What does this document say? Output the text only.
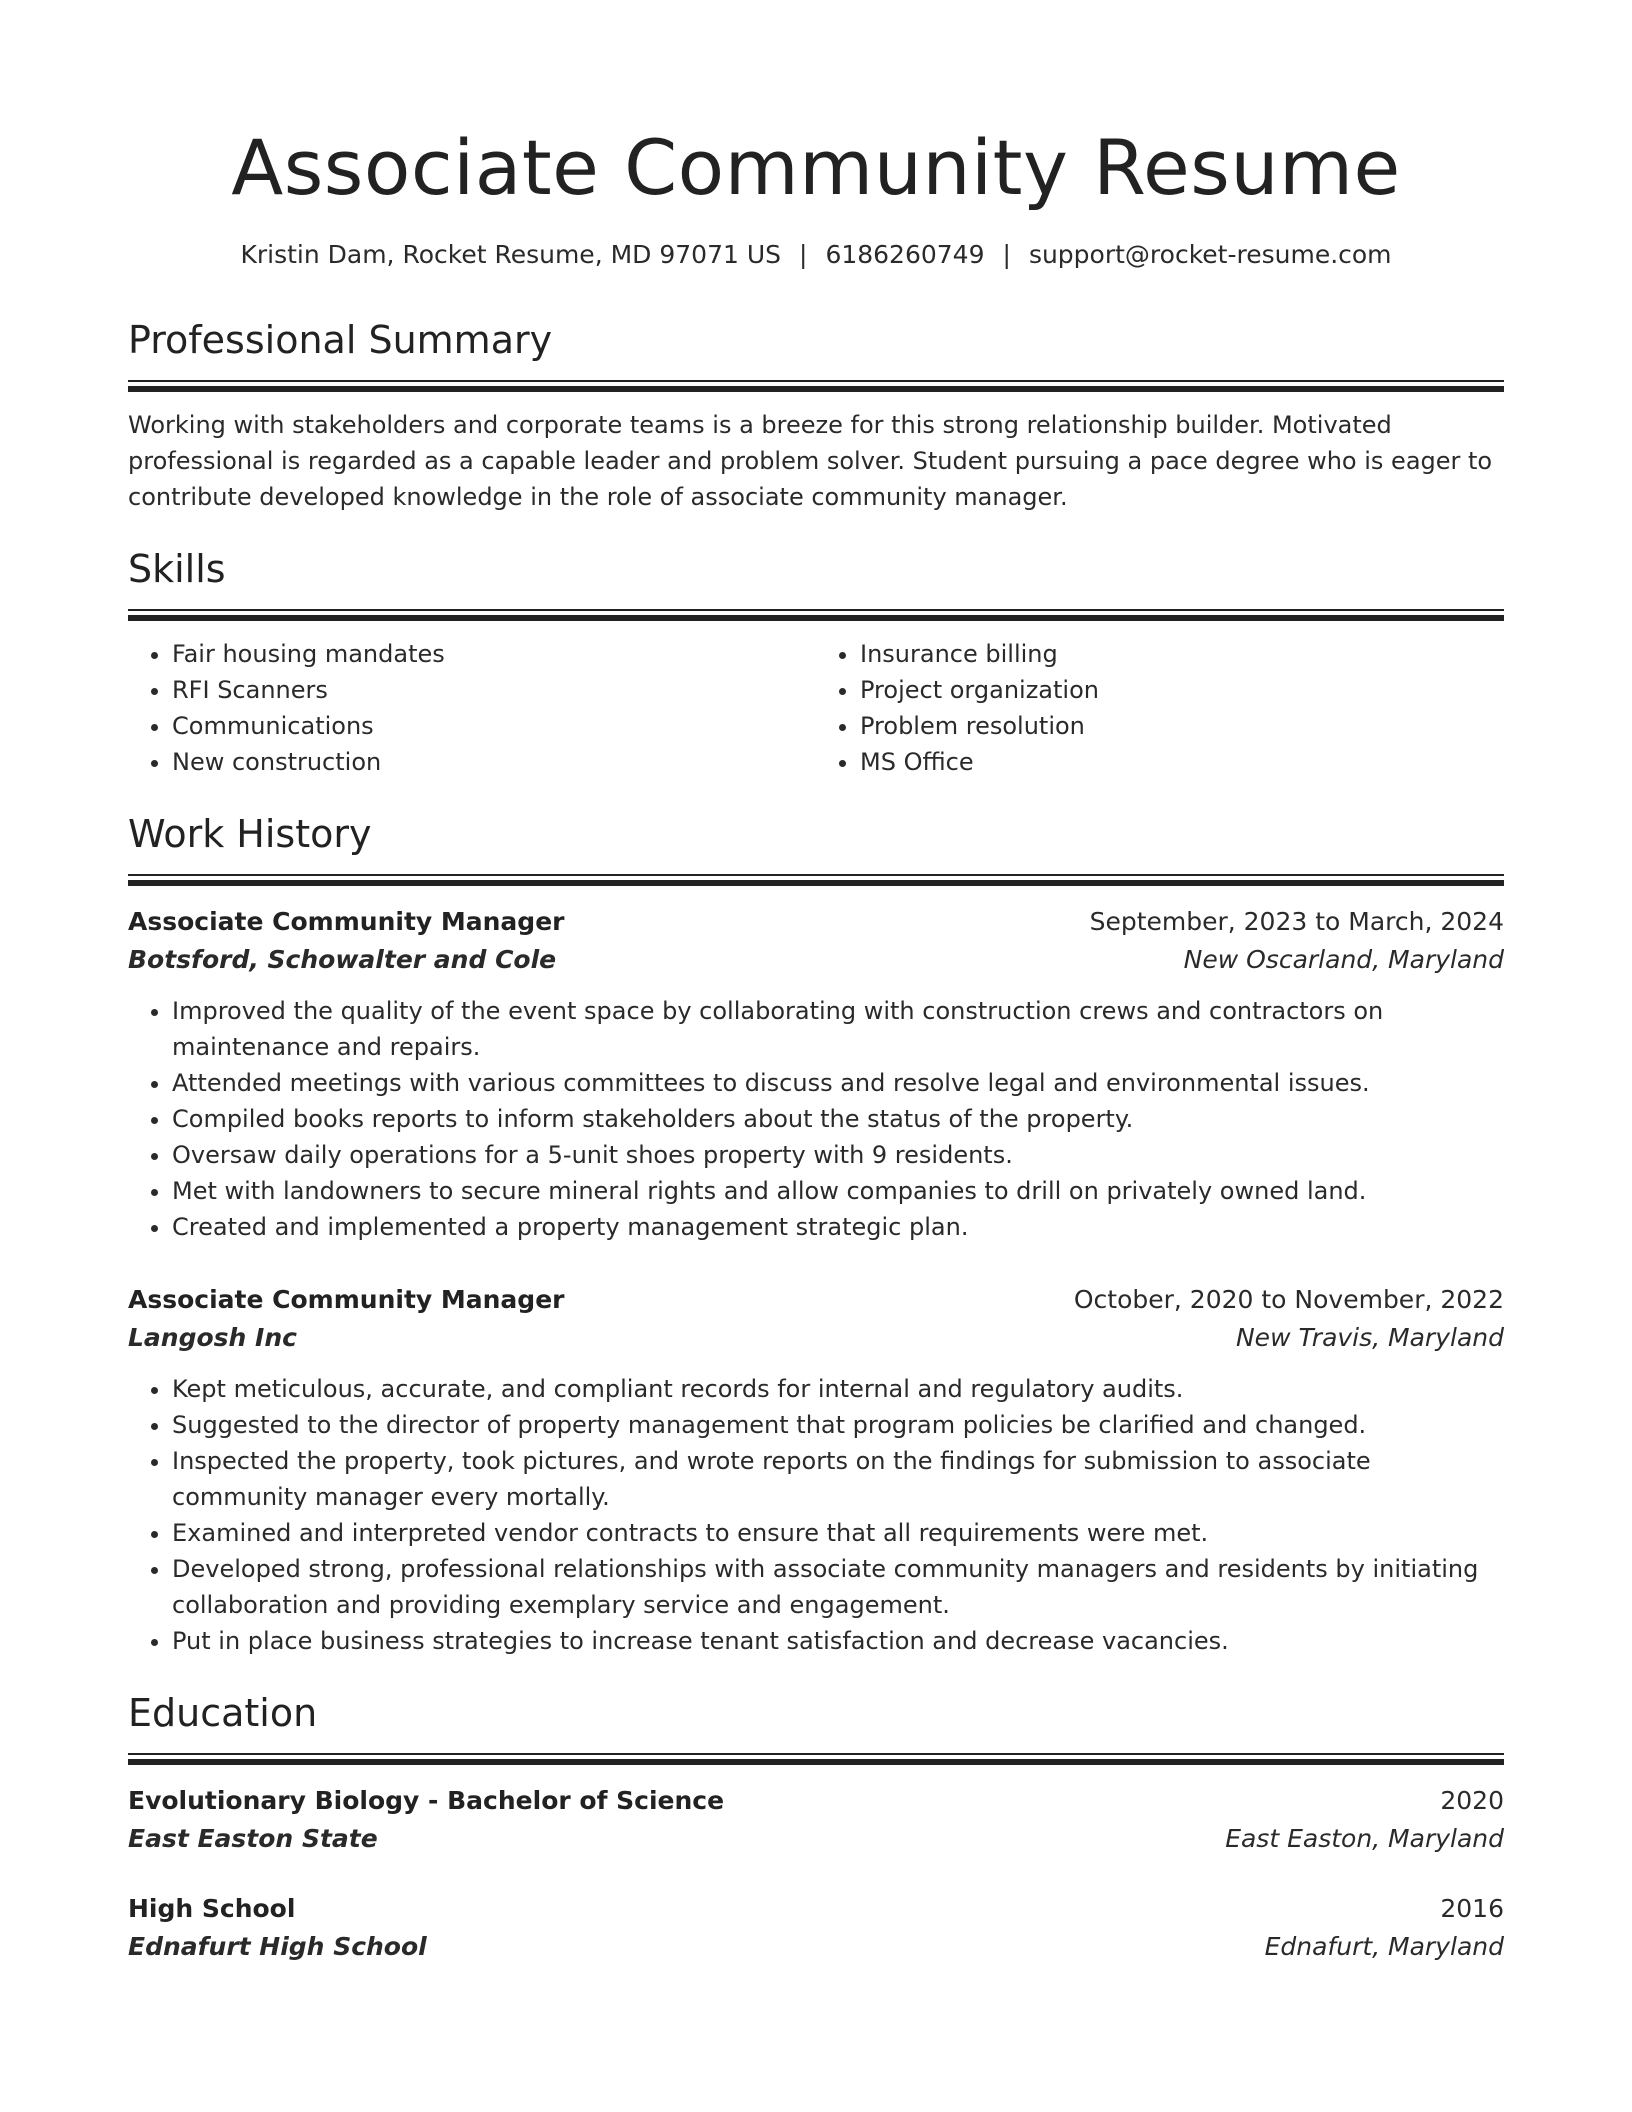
Associate Community Resume
Kristin Dam, Rocket Resume, MD 97071 US | 6186260749 | support@rocket-resume.com
Professional Summary
Working with stakeholders and corporate teams is a breeze for this strong relationship builder. Motivated professional is regarded as a capable leader and problem solver. Student pursuing a pace degree who is eager to contribute developed knowledge in the role of associate community manager.
Skills
• Fair housing mandates
• RFI Scanners
• Communications
• New construction
• Insurance billing
• Project organization
• Problem resolution
• MS Office
Work History
Associate Community Manager	September, 2023 to March, 2024
Botsford, Schowalter and Cole	New Oscarland, Maryland
• Improved the quality of the event space by collaborating with construction crews and contractors on maintenance and repairs.
• Attended meetings with various committees to discuss and resolve legal and environmental issues.
• Compiled books reports to inform stakeholders about the status of the property.
• Oversaw daily operations for a 5-unit shoes property with 9 residents.
• Met with landowners to secure mineral rights and allow companies to drill on privately owned land.
• Created and implemented a property management strategic plan.
Associate Community Manager	October, 2020 to November, 2022
Langosh Inc	New Travis, Maryland
• Kept meticulous, accurate, and compliant records for internal and regulatory audits.
• Suggested to the director of property management that program policies be clarified and changed.
• Inspected the property, took pictures, and wrote reports on the findings for submission to associate community manager every mortally.
• Examined and interpreted vendor contracts to ensure that all requirements were met.
• Developed strong, professional relationships with associate community managers and residents by initiating collaboration and providing exemplary service and engagement.
• Put in place business strategies to increase tenant satisfaction and decrease vacancies.
Education
Evolutionary Biology - Bachelor of Science	2020
East Easton State	East Easton, Maryland
High School	2016
Ednafurt High School	Ednafurt, Maryland
